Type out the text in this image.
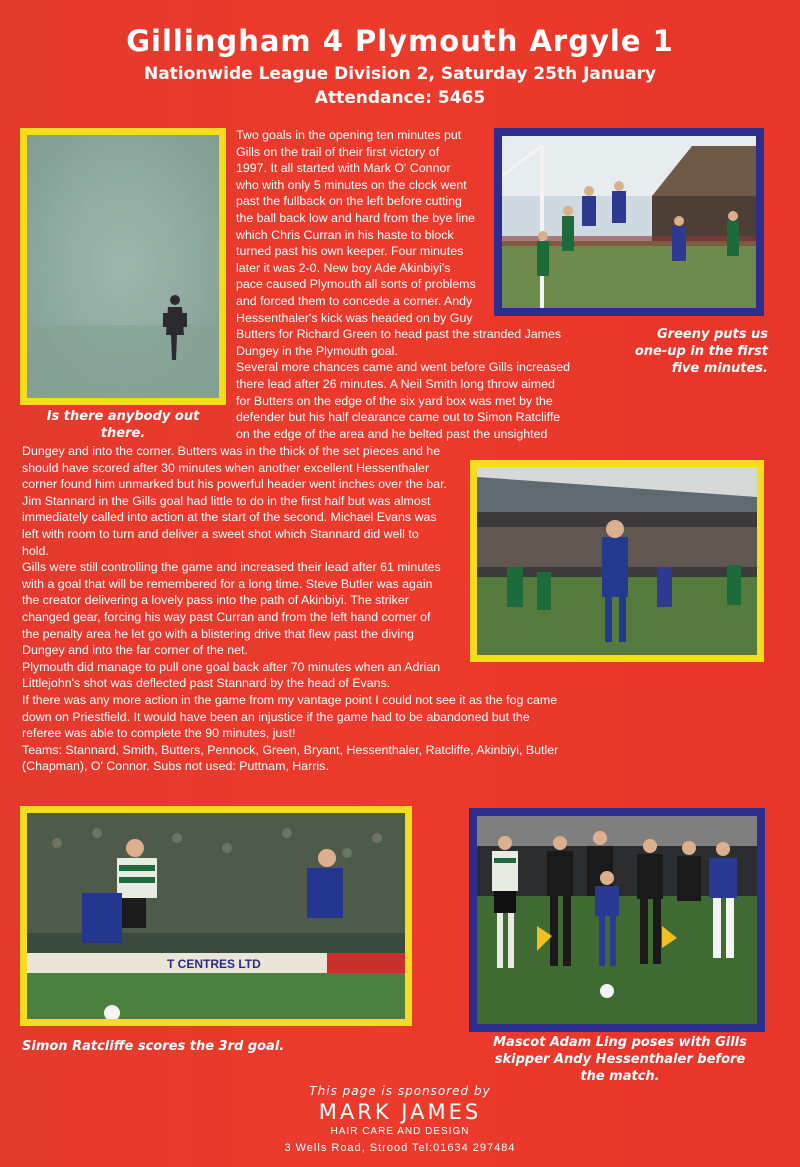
Gillingham 4 Plymouth Argyle 1
Nationwide League Division 2, Saturday 25th January
Attendance: 5465
Is there anybody out
there.
Greeny puts us
one-up in the first
five minutes.

Two goals in the opening ten minutes put

Gills on the trail of their first victory of

1997. It all started with Mark O' Connor

who with only 5 minutes on the clock went

past the fullback on the left before cutting

the ball back low and hard from the bye line

which Chris Curran in his haste to block

turned past his own keeper. Four minutes

later it was 2-0. New boy Ade Akinbiyi's

pace caused Plymouth all sorts of problems

and forced them to concede a corner. Andy

Hessenthaler's kick was headed on by Guy

Butters for Richard Green to head past the stranded James

Dungey in the Plymouth goal.

Several more chances came and went before Gills increased

there lead after 26 minutes. A Neil Smith long throw aimed

for Butters on the edge of the six yard box was met by the

defender but his half clearance came out to Simon Ratcliffe

on the edge of the area and he belted past the unsighted

Dungey and into the corner. Butters was in the thick of the set pieces and he

should have scored after 30 minutes when another excellent Hessenthaler

corner found him unmarked but his powerful header went inches over the bar.

Jim Stannard in the Gills goal had little to do in the first half but was almost

immediately called into action at the start of the second. Michael Evans was

left with room to turn and deliver a sweet shot which Stannard did well to

hold.

Gills were still controlling the game and increased their lead after 61 minutes

with a goal that will be remembered for a long time. Steve Butler was again

the creator delivering a lovely pass into the path of Akinbiyi. The striker

changed gear, forcing his way past Curran and from the left hand corner of

the penalty area he let go with a blistering drive that flew past the diving

Dungey and into the far corner of the net.

Plymouth did manage to pull one goal back after 70 minutes when an Adrian

Littlejohn's shot was deflected past Stannard by the head of Evans.

If there was any more action in the game from my vantage point I could not see it as the fog came

down on Priestfield. It would have been an injustice if the game had to be abandoned but the

referee was able to complete the 90 minutes, just!

Teams: Stannard, Smith, Butters, Pennock, Green, Bryant, Hessenthaler, Ratcliffe, Akinbiyi, Butler

(Chapman), O' Connor. Subs not used: Puttnam, Harris.

T CENTRES LTD
Simon Ratcliffe scores the 3rd goal.	Mascot Adam Ling poses with Gills
skipper Andy Hessenthaler before
the match.
This page is sponsored by
MARK JAMES
HAIR CARE AND DESIGN
3 Wells Road, Strood Tel:01634 297484
